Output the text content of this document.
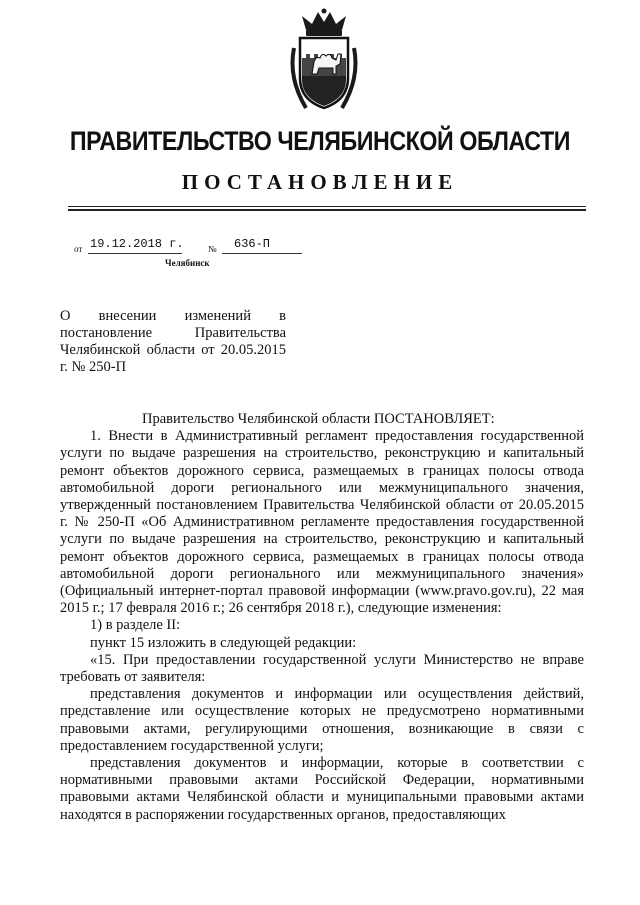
ПРАВИТЕЛЬСТВО ЧЕЛЯБИНСКОЙ ОБЛАСТИ
ПОСТАНОВЛЕНИЕ
от 19.12.2018 г.	№ 636-П
Челябинск
О внесении изменений в постановление Правительства Челябинской области от 20.05.2015 г. № 250-П

Правительство Челябинской области ПОСТАНОВЛЯЕТ:

1. Внести в Административный регламент предоставления государственной услуги по выдаче разрешения на строительство, реконструкцию и капитальный ремонт объектов дорожного сервиса, размещаемых в границах полосы отвода автомобильной дороги регионального или межмуниципального значения, утвержденный постановлением Правительства Челябинской области от 20.05.2015 г. № 250-П «Об Административном регламенте предоставления государственной услуги по выдаче разрешения на строительство, реконструкцию и капитальный ремонт объектов дорожного сервиса, размещаемых в границах полосы отвода автомобильной дороги регионального или межмуниципального значения» (Официальный интернет-портал правовой информации (www.pravo.gov.ru), 22 мая 2015 г.; 17 февраля 2016 г.; 26 сентября 2018 г.), следующие изменения:

1) в разделе II:

пункт 15 изложить в следующей редакции:

«15. При предоставлении государственной услуги Министерство не вправе требовать от заявителя:

представления документов и информации или осуществления действий, представление или осуществление которых не предусмотрено нормативными правовыми актами, регулирующими отношения, возникающие в связи с предоставлением государственной услуги;

представления документов и информации, которые в соответствии с нормативными правовыми актами Российской Федерации, нормативными правовыми актами Челябинской области и муниципальными правовыми актами находятся в распоряжении государственных органов, предоставляющих
